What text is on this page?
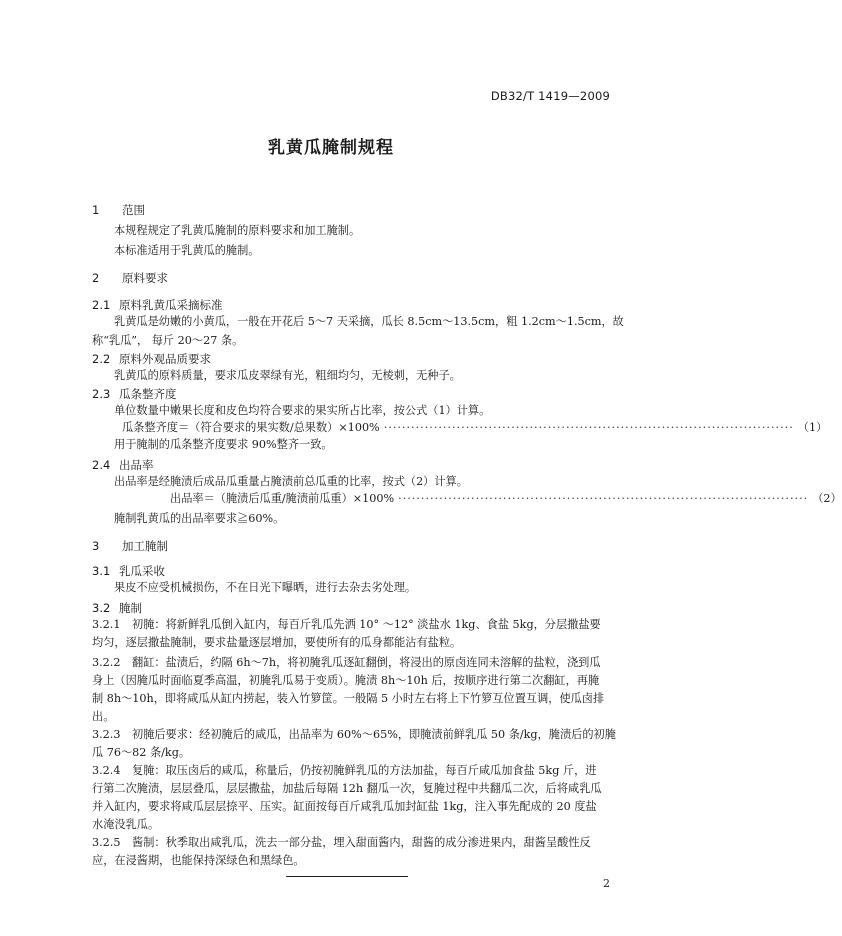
DB32/T 1419—2009
乳黄瓜腌制规程
1 范围
本规程规定了乳黄瓜腌制的原料要求和加工腌制。
本标准适用于乳黄瓜的腌制。
2 原料要求
2.1 原料乳黄瓜采摘标准
乳黄瓜是幼嫩的小黄瓜，一般在开花后 5～7 天采摘，瓜长 8.5cm～13.5cm，粗 1.2cm～1.5cm，故
称“乳瓜”， 每斤 20～27 条。
2.2 原料外观品质要求
乳黄瓜的原料质量，要求瓜皮翠绿有光，粗细均匀，无棱刺，无种子。
2.3 瓜条整齐度
单位数量中嫩果长度和皮色均符合要求的果实所占比率，按公式（1）计算。
瓜条整齐度＝（符合要求的果实数/总果数）×100% ·························································································· （1）
用于腌制的瓜条整齐度要求 90%整齐一致。
2.4 出品率
出品率是经腌渍后成品瓜重量占腌渍前总瓜重的比率，按式（2）计算。
出品率＝（腌渍后瓜重/腌渍前瓜重）×100% ·························································································· （2）
腌制乳黄瓜的出品率要求≧60%。
3 加工腌制
3.1 乳瓜采收
果皮不应受机械损伤，不在日光下曝晒，进行去杂去劣处理。
3.2 腌制
3.2.1 初腌：将新鲜乳瓜倒入缸内，每百斤乳瓜先洒 10° ～12° 淡盐水 1kg、食盐 5kg，分层撒盐要
均匀，逐层撒盐腌制，要求盐量逐层增加，要使所有的瓜身都能沾有盐粒。
3.2.2 翻缸：盐渍后，约隔 6h～7h，将初腌乳瓜逐缸翻倒，将浸出的原卤连同未溶解的盐粒，浇到瓜
身上（因腌瓜时面临夏季高温，初腌乳瓜易于变质）。腌渍 8h～10h 后，按顺序进行第二次翻缸，再腌
制 8h～10h，即将咸瓜从缸内捞起，装入竹箩筐。一般隔 5 小时左右将上下竹箩互位置互调，使瓜卤排
出。
3.2.3 初腌后要求：经初腌后的咸瓜，出品率为 60%～65%，即腌渍前鲜乳瓜 50 条/kg，腌渍后的初腌
瓜 76～82 条/kg。
3.2.4 复腌：取压卤后的咸瓜，称量后，仍按初腌鲜乳瓜的方法加盐，每百斤咸瓜加食盐 5kg 斤，进
行第二次腌渍，层层叠瓜，层层撒盐，加盐后每隔 12h 翻瓜一次，复腌过程中共翻瓜二次，后将咸乳瓜
并入缸内，要求将咸瓜层层捺平、压实。缸面按每百斤咸乳瓜加封缸盐 1kg，注入事先配成的 20 度盐
水淹没乳瓜。
3.2.5 酱制：秋季取出咸乳瓜，洗去一部分盐，埋入甜面酱内，甜酱的成分渗进果内，甜酱呈酸性反
应，在浸酱期，也能保持深绿色和黑绿色。
2
